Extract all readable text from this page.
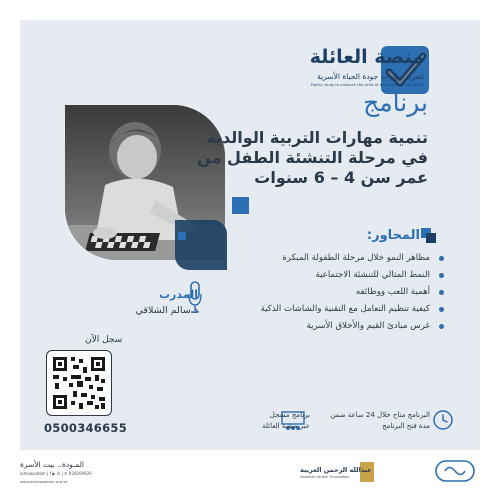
منصة العائلة
لتعزيز مهارات جودة الحياة الأسرية
Family study to enhance the skills of the quality of family life
برنامج
تنمية مهارات التربية الوالدية
في مرحلة التنشئة الطفل من
عمر سن 4 – 6 سنوات
المحاور:
مظاهر النمو خلال مرحلة الطفولة المبكرة
النمط المثالي للتنشئة الاجتماعية
أهمية اللعب ووظائفه
كيفية تنظيم التعامل مع التقنية والشاشات الذكية
غرس مبادئ القيم والأخلاق الأسرية
المدرب
د.سالم الشلاقي
سجل الآن
0500346655
برنامج مسجل
عبر منصة العائلة
البرنامج متاح خلال 24 ساعة ضمن
مدة فتح البرنامج
المـودة.. بيت الأسرة
almawaddah | f ▶ in | ✆ 920000926
www.almawaddah.org.sa
عبدالله الرحمن الغريبة
Abdullah Alrajhi Foundation
